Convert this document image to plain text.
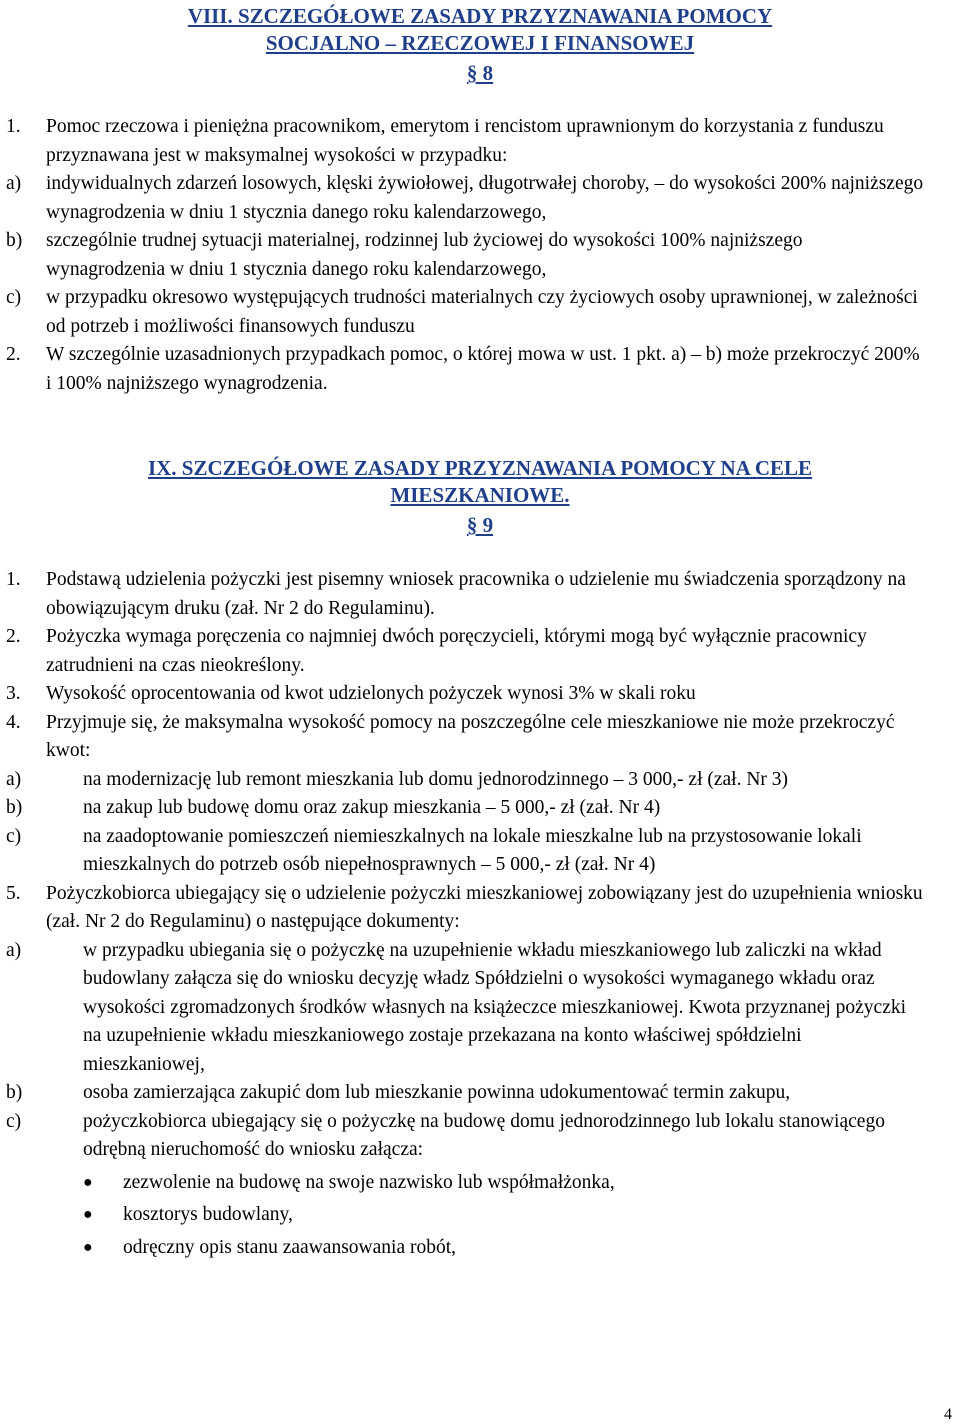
VIII. SZCZEGÓŁOWE ZASADY PRZYZNAWANIA POMOCY
SOCJALNO – RZECZOWEJ I FINANSOWEJ
§ 8
1.	Pomoc rzeczowa i pieniężna pracownikom, emerytom i rencistom uprawnionym do korzystania z funduszu przyznawana jest w maksymalnej wysokości w przypadku:
a)	indywidualnych zdarzeń losowych, klęski żywiołowej, długotrwałej choroby, – do wysokości 200% najniższego wynagrodzenia w dniu 1 stycznia danego roku kalendarzowego,
b)	szczególnie trudnej sytuacji materialnej, rodzinnej lub życiowej do wysokości 100% najniższego wynagrodzenia w dniu 1 stycznia danego roku kalendarzowego,
c)	w przypadku okresowo występujących trudności materialnych czy życiowych osoby uprawnionej, w zależności od potrzeb i możliwości finansowych funduszu
2.	W szczególnie uzasadnionych przypadkach pomoc, o której mowa w ust. 1 pkt. a) – b) może przekroczyć 200% i 100% najniższego wynagrodzenia.
IX. SZCZEGÓŁOWE ZASADY PRZYZNAWANIA POMOCY NA CELE
MIESZKANIOWE.
§ 9
1.	Podstawą udzielenia pożyczki jest pisemny wniosek pracownika o udzielenie mu świadczenia sporządzony na obowiązującym druku (zał. Nr 2 do Regulaminu).
2.	Pożyczka wymaga poręczenia co najmniej dwóch poręczycieli, którymi mogą być wyłącznie pracownicy zatrudnieni na czas nieokreślony.
3.	Wysokość oprocentowania od kwot udzielonych pożyczek wynosi 3% w skali roku
4.	Przyjmuje się, że maksymalna wysokość pomocy na poszczególne cele mieszkaniowe nie może przekroczyć kwot:
a)	na modernizację lub remont mieszkania lub domu jednorodzinnego – 3 000,- zł (zał. Nr 3)
b)	na zakup lub budowę domu oraz zakup mieszkania – 5 000,- zł (zał. Nr 4)
c)	na zaadoptowanie pomieszczeń niemieszkalnych na lokale mieszkalne lub na przystosowanie lokali mieszkalnych do potrzeb osób niepełnosprawnych – 5 000,- zł (zał. Nr 4)
5.	Pożyczkobiorca ubiegający się o udzielenie pożyczki mieszkaniowej zobowiązany jest do uzupełnienia wniosku (zał. Nr 2 do Regulaminu) o następujące dokumenty:
a)	w przypadku ubiegania się o pożyczkę na uzupełnienie wkładu mieszkaniowego lub zaliczki na wkład budowlany załącza się do wniosku decyzję władz Spółdzielni o wysokości wymaganego wkładu oraz wysokości zgromadzonych środków własnych na książeczce mieszkaniowej. Kwota przyznanej pożyczki na uzupełnienie wkładu mieszkaniowego zostaje przekazana na konto właściwej spółdzielni mieszkaniowej,
b)	osoba zamierzająca zakupić dom lub mieszkanie powinna udokumentować termin zakupu,
c)	pożyczkobiorca ubiegający się o pożyczkę na budowę domu jednorodzinnego lub lokalu stanowiącego odrębną nieruchomość do wniosku załącza:
●	zezwolenie na budowę na swoje nazwisko lub współmałżonka,
●	kosztorys budowlany,
●	odręczny opis stanu zaawansowania robót,
4
